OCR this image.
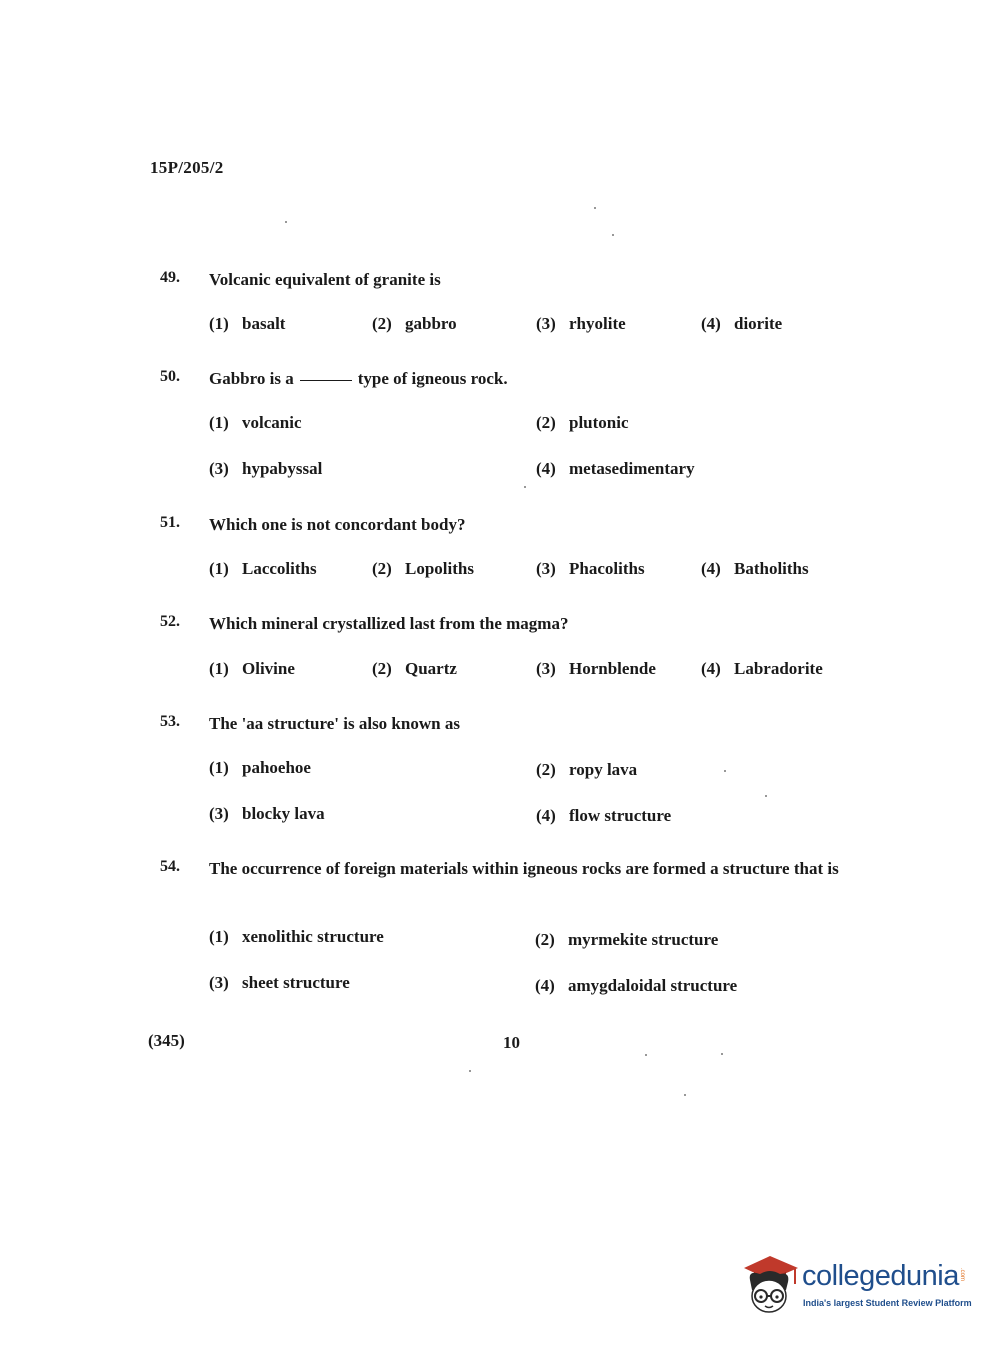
15P/205/2
49. Volcanic equivalent of granite is
(1) basalt	(2) gabbro	(3) rhyolite	(4) diorite
50. Gabbro is a	type of igneous rock.
(1) volcanic	(2) plutonic
(3) hypabyssal	(4) metasedimentary
51. Which one is not concordant body?
(1) Laccoliths	(2) Lopoliths	(3) Phacoliths	(4) Batholiths
52. Which mineral crystallized last from the magma?
(1) Olivine	(2) Quartz	(3) Hornblende	(4) Labradorite
53. The 'aa structure' is also known as
(1) pahoehoe	(2) ropy lava
(3) blocky lava	(4) flow structure
54. The occurrence of foreign materials within igneous rocks are formed a structure that is
(1) xenolithic structure	(2) myrmekite structure
(3) sheet structure	(4) amygdaloidal structure
(345)	10
collegedunia .com
India's largest Student Review Platform
